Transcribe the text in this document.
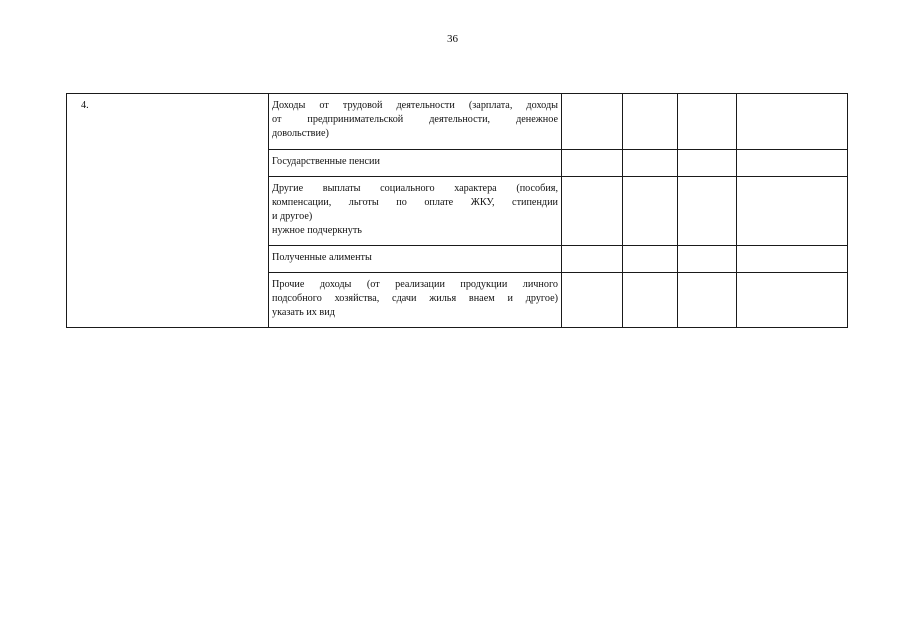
36
4.	Доходы от трудовой деятельности (зарплата, доходы
от предпринимательской деятельности, денежное
довольствие)				

	Государственные пенсии				

	Другие выплаты социального характера (пособия,
компенсации, льготы по оплате ЖКУ, стипендии
и другое)
нужное подчеркнуть				

	Полученные алименты				

	Прочие доходы (от реализации продукции личного
подсобного хозяйства, сдачи жилья внаем и другое)
указать их вид				
